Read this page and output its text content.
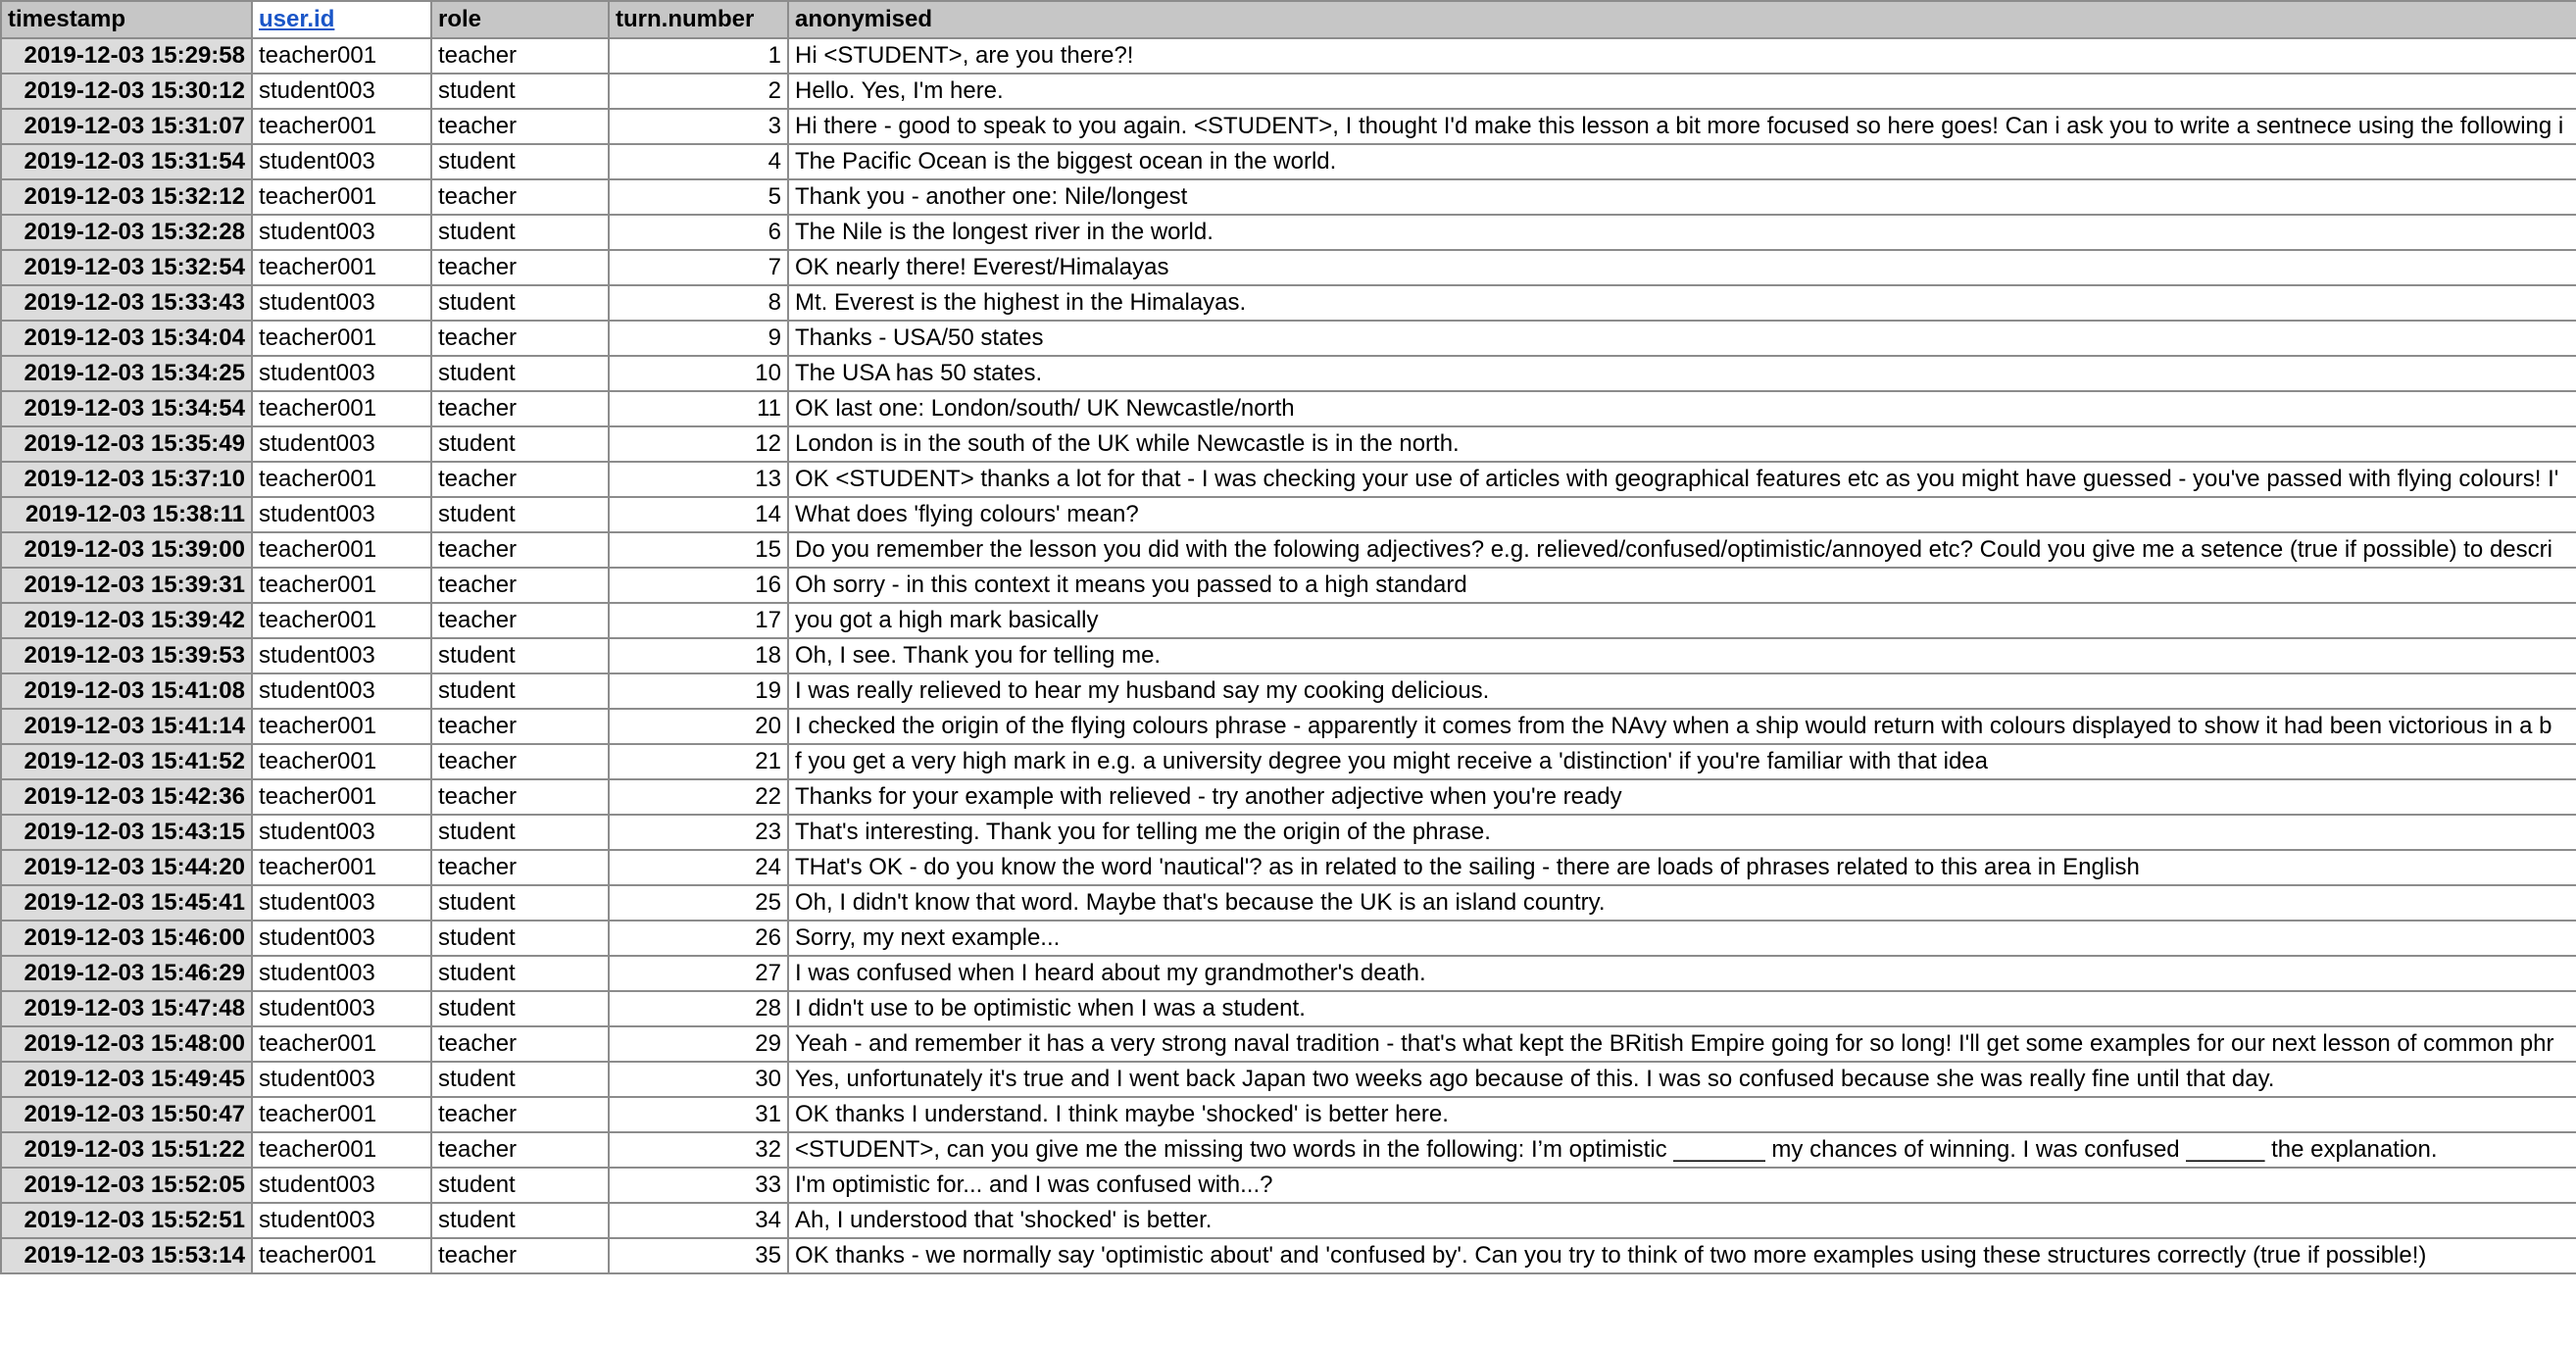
timestamp	user.id	role	turn.number	anonymised
2019-12-03 15:29:58	teacher001	teacher	1	Hi <STUDENT>, are you there?!
2019-12-03 15:30:12	student003	student	2	Hello. Yes, I'm here.
2019-12-03 15:31:07	teacher001	teacher	3	Hi there - good to speak to you again. <STUDENT>, I thought I'd make this lesson a bit more focused so here goes! Can i ask you to write a sentnece using the following i
2019-12-03 15:31:54	student003	student	4	The Pacific Ocean is the biggest ocean in the world.
2019-12-03 15:32:12	teacher001	teacher	5	Thank you - another one: Nile/longest
2019-12-03 15:32:28	student003	student	6	The Nile is the longest river in the world.
2019-12-03 15:32:54	teacher001	teacher	7	OK nearly there! Everest/Himalayas
2019-12-03 15:33:43	student003	student	8	Mt. Everest is the highest in the Himalayas.
2019-12-03 15:34:04	teacher001	teacher	9	Thanks - USA/50 states
2019-12-03 15:34:25	student003	student	10	The USA has 50 states.
2019-12-03 15:34:54	teacher001	teacher	11	OK last one: London/south/ UK Newcastle/north
2019-12-03 15:35:49	student003	student	12	London is in the south of the UK while Newcastle is in the north.
2019-12-03 15:37:10	teacher001	teacher	13	OK <STUDENT> thanks a lot for that - I was checking your use of articles with geographical features etc as you might have guessed - you've passed with flying colours! I'
2019-12-03 15:38:11	student003	student	14	What does 'flying colours' mean?
2019-12-03 15:39:00	teacher001	teacher	15	Do you remember the lesson you did with the folowing adjectives? e.g. relieved/confused/optimistic/annoyed etc? Could you give me a setence (true if possible) to descri
2019-12-03 15:39:31	teacher001	teacher	16	Oh sorry - in this context it means you passed to a high standard
2019-12-03 15:39:42	teacher001	teacher	17	you got a high mark basically
2019-12-03 15:39:53	student003	student	18	Oh, I see. Thank you for telling me.
2019-12-03 15:41:08	student003	student	19	I was really relieved to hear my husband say my cooking delicious.
2019-12-03 15:41:14	teacher001	teacher	20	I checked the origin of the flying colours phrase - apparently it comes from the NAvy when a ship would return with colours displayed to show it had been victorious in a b
2019-12-03 15:41:52	teacher001	teacher	21	f you get a very high mark in e.g. a university degree you might receive a 'distinction' if you're familiar with that idea
2019-12-03 15:42:36	teacher001	teacher	22	Thanks for your example with relieved - try another adjective when you're ready
2019-12-03 15:43:15	student003	student	23	That's interesting. Thank you for telling me the origin of the phrase.
2019-12-03 15:44:20	teacher001	teacher	24	THat's OK - do you know the word 'nautical'? as in related to the sailing - there are loads of phrases related to this area in English
2019-12-03 15:45:41	student003	student	25	Oh, I didn't know that word. Maybe that's because the UK is an island country.
2019-12-03 15:46:00	student003	student	26	Sorry, my next example...
2019-12-03 15:46:29	student003	student	27	I was confused when I heard about my grandmother's death.
2019-12-03 15:47:48	student003	student	28	I didn't use to be optimistic when I was a student.
2019-12-03 15:48:00	teacher001	teacher	29	Yeah - and remember it has a very strong naval tradition - that's what kept the BRitish Empire going for so long! I'll get some examples for our next lesson of common phr
2019-12-03 15:49:45	student003	student	30	Yes, unfortunately it's true and I went back Japan two weeks ago because of this. I was so confused because she was really fine until that day.
2019-12-03 15:50:47	teacher001	teacher	31	OK thanks I understand. I think maybe 'shocked' is better here.
2019-12-03 15:51:22	teacher001	teacher	32	<STUDENT>, can you give me the missing two words in the following: I’m optimistic _______ my chances of winning. I was confused ______ the explanation.
2019-12-03 15:52:05	student003	student	33	I'm optimistic for... and I was confused with...?
2019-12-03 15:52:51	student003	student	34	Ah, I understood that 'shocked' is better.
2019-12-03 15:53:14	teacher001	teacher	35	OK thanks - we normally say 'optimistic about' and 'confused by'. Can you try to think of two more examples using these structures correctly (true if possible!)
